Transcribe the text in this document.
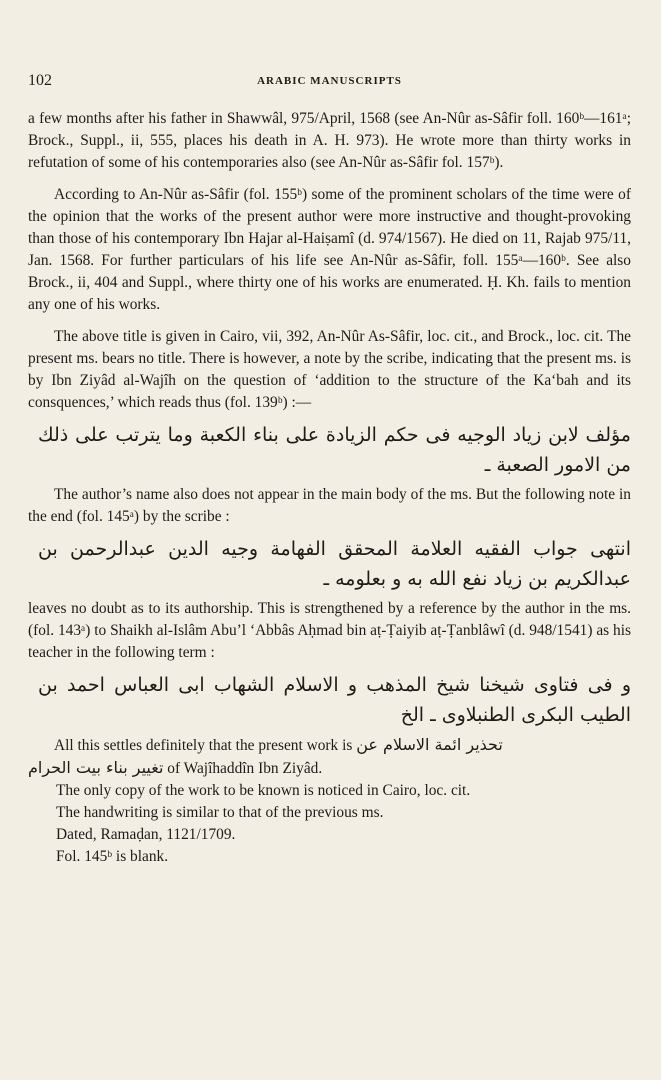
102	ARABIC MANUSCRIPTS

a few months after his father in Shawwâl, 975/April, 1568 (see An-Nûr as-Sâfir foll. 160ᵇ—161ᵃ; Brock., Suppl., ii, 555, places his death in A. H. 973). He wrote more than thirty works in refutation of some of his contemporaries also (see An-Nûr as-Sâfir fol. 157ᵇ).

According to An-Nûr as-Sâfir (fol. 155ᵇ) some of the prominent scholars of the time were of the opinion that the works of the present author were more instructive and thought-provoking than those of his contemporary Ibn Hajar al-Haiṣamî (d. 974/1567). He died on 11, Rajab 975/11, Jan. 1568. For further particulars of his life see An-Nûr as-Sâfir, foll. 155ᵃ—160ᵇ. See also Brock., ii, 404 and Suppl., where thirty one of his works are enumerated. Ḥ. Kh. fails to mention any one of his works.

The above title is given in Cairo, vii, 392, An-Nûr As-Sâfir, loc. cit., and Brock., loc. cit. The present ms. bears no title. There is however, a note by the scribe, indicating that the present ms. is by Ibn Ziyâd al-Wajîh on the question of ‘addition to the structure of the Ka‘bah and its consquences,’ which reads thus (fol. 139ᵇ) :—

مؤلف لابن زياد الوجيه فى حكم الزيادة على بناء الكعبة وما يترتب على ذلك من الامور الصعبة ـ

The author’s name also does not appear in the main body of the ms. But the following note in the end (fol. 145ᵃ) by the scribe :

انتهى جواب الفقيه العلامة المحقق الفهامة وجيه الدين عبدالرحمن بن عبدالكريم بن زياد نفع الله به و بعلومه ـ

leaves no doubt as to its authorship. This is strengthened by a reference by the author in the ms. (fol. 143ᵃ) to Shaikh al-Islâm Abu’l ‘Abbâs Aḥmad bin aṭ-Ṭaiyib aṭ-Ṭanblâwî (d. 948/1541) as his teacher in the following term :

و فى فتاوى شيخنا شيخ المذهب و الاسلام الشهاب ابى العباس احمد بن الطيب البكرى الطنبلاوى ـ الخ

All this settles definitely that the present work is تحذير ائمة الاسلام عن

تغيير بناء بيت الحرام of Wajîhaddîn Ibn Ziyâd.

The only copy of the work to be known is noticed in Cairo, loc. cit.

The handwriting is similar to that of the previous ms.

Dated, Ramaḍan, 1121/1709.

Fol. 145ᵇ is blank.
